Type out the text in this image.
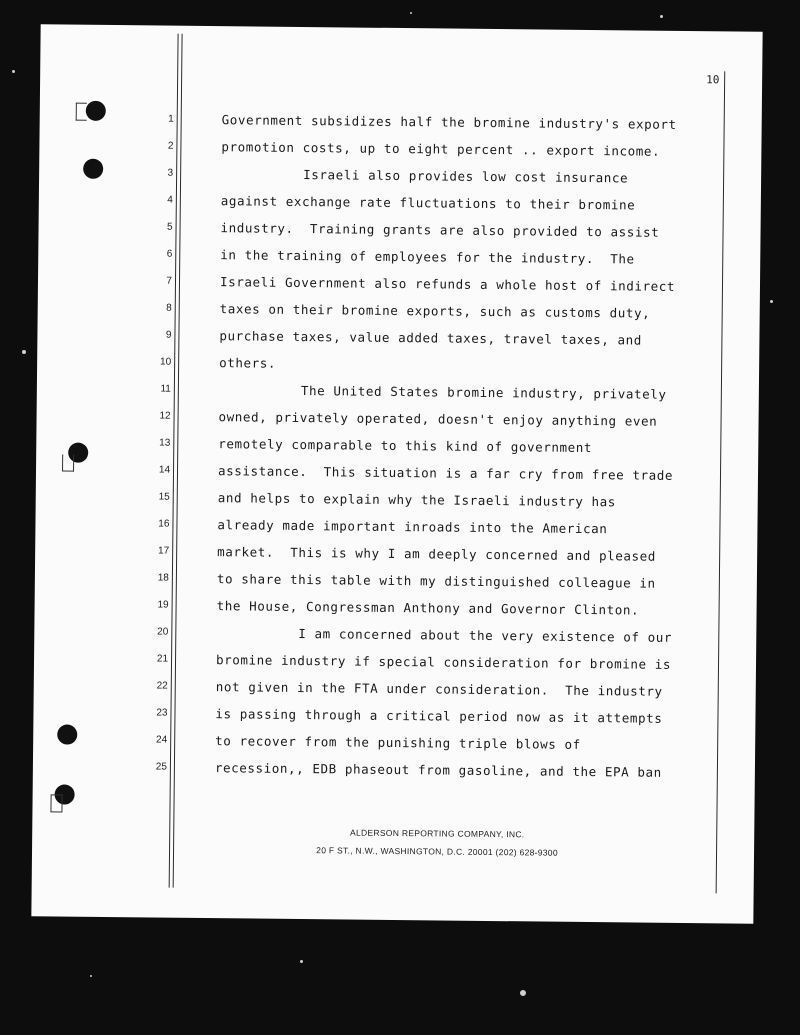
10
1
2
3
4
5
6
7
8
9
10
11
12
13
14
15
16
17
18
19
20
21
22
23
24
25
Government subsidizes half the bromine industry's export
promotion costs, up to eight percent .. export income.
Israeli also provides low cost insurance
against exchange rate fluctuations to their bromine
industry.  Training grants are also provided to assist
in the training of employees for the industry.  The
Israeli Government also refunds a whole host of indirect
taxes on their bromine exports, such as customs duty,
purchase taxes, value added taxes, travel taxes, and
others.
The United States bromine industry, privately
owned, privately operated, doesn't enjoy anything even
remotely comparable to this kind of government
assistance.  This situation is a far cry from free trade
and helps to explain why the Israeli industry has
already made important inroads into the American
market.  This is why I am deeply concerned and pleased
to share this table with my distinguished colleague in
the House, Congressman Anthony and Governor Clinton.
I am concerned about the very existence of our
bromine industry if special consideration for bromine is
not given in the FTA under consideration.  The industry
is passing through a critical period now as it attempts
to recover from the punishing triple blows of
recession,, EDB phaseout from gasoline, and the EPA ban
ALDERSON REPORTING COMPANY, INC.
20 F ST., N.W., WASHINGTON, D.C. 20001 (202) 628-9300
